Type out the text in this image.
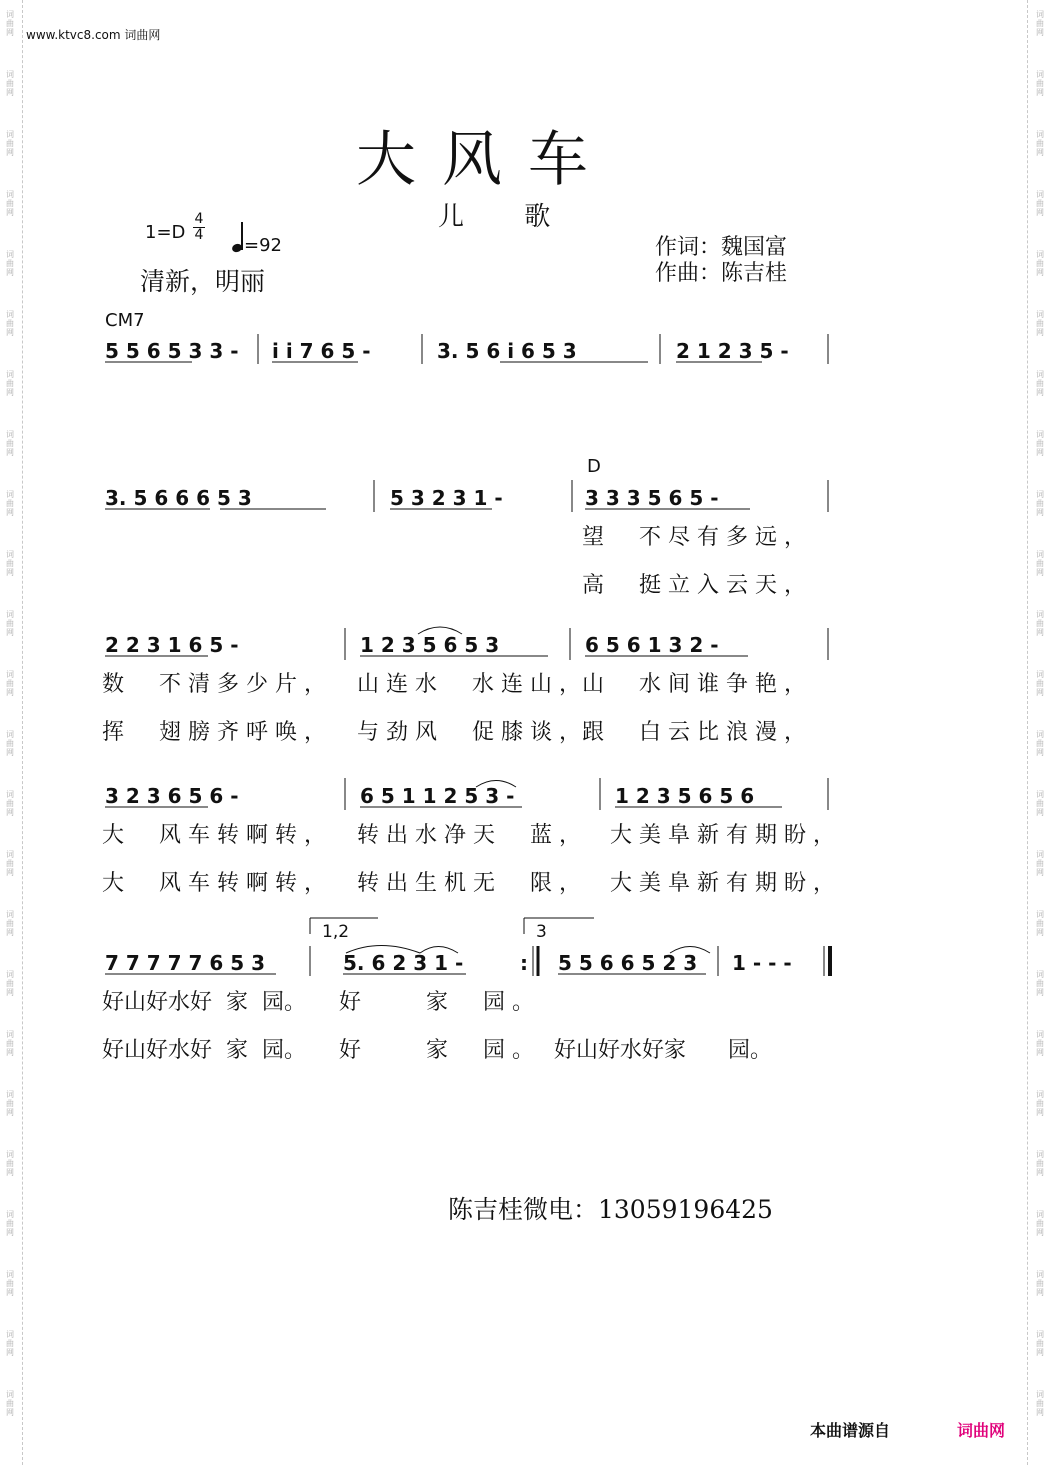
词
曲
网
词
曲
网
词
曲
网
词
曲
网
词
曲
网
词
曲
网
词
曲
网
词
曲
网
词
曲
网
词
曲
网
词
曲
网
词
曲
网
词
曲
网
词
曲
网
词
曲
网
词
曲
网
词
曲
网
词
曲
网
词
曲
网
词
曲
网
词
曲
网
词
曲
网
词
曲
网
词
曲
网
词
曲
网
词
曲
网
词
曲
网
词
曲
网
词
曲
网
词
曲
网
词
曲
网
词
曲
网
词
曲
网
词
曲
网
词
曲
网
词
曲
网
词
曲
网
词
曲
网
词
曲
网
词
曲
网
词
曲
网
词
曲
网
词
曲
网
词
曲
网
词
曲
网
词
曲
网
词
曲
网
词
曲
网
www.ktvc8.com 词曲网
大风车
儿 歌
1=D
4
4 =92
清新，明丽
作词：魏国富
作曲：陈吉桂
CM7
D
5 5 6 5 3 3 - i i 7 6 5 -	3. 5 6 i 6 5 3	2 1 2 3 5 -
3. 5 6 6 6 5 3	5 3 2 3 1 -	3 3 3 5 6 5 -
2 2 3 1 6 5 -	1 2 3 5 6 5 3	6 5 6 1 3 2 -
3 2 3 6 5 6 -	6 5 1 1 2 5 3 -	1 2 3 5 6 5 6
1,2	3
7 7 7 7 7 6 5 3	5. 6 2 3 1 -	: 5 5 6 6 5 2 3 1 - - -
望  不尽有多远，
高  挺立入云天，
数  不清多少片， 山连水  水连山，
山  水间谁争艳，
挥  翅膀齐呼唤， 与劲风  促膝谈，
跟  白云比浪漫，
大  风车转啊转， 转出水净天  蓝， 大美阜新有期盼，
大  风车转啊转， 转出生机无  限， 大美阜新有期盼，
好山好水好  家  园。 好	家  园。
好山好水好  家  园。 好	家  园。 好山好水好家 园。
陈吉桂微电：13059196425
本曲谱源自	词曲网
